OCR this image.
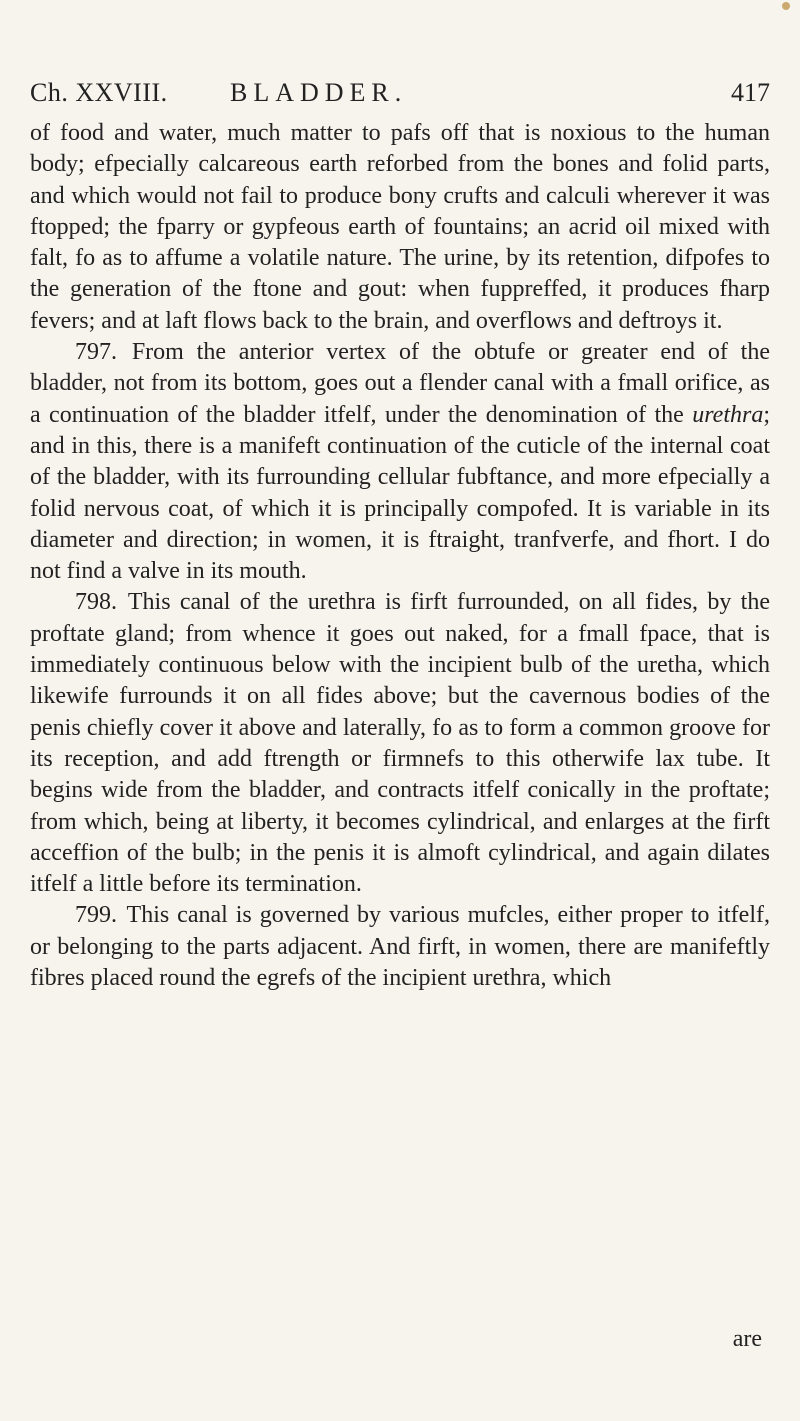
Ch. XXVIII. BLADDER.	417

of food and water, much matter to pafs off that is noxious to the human body; efpecially calcareous earth reforbed from the bones and folid parts, and which would not fail to produce bony crufts and calculi wherever it was ftopped; the fparry or gypfeous earth of fountains; an acrid oil mixed with falt, fo as to affume a volatile nature. The urine, by its retention, difpofes to the generation of the ftone and gout: when fuppreffed, it produces fharp fevers; and at laft flows back to the brain, and overflows and deftroys it.

797. From the anterior vertex of the obtufe or greater end of the bladder, not from its bottom, goes out a flender canal with a fmall orifice, as a continuation of the bladder itfelf, under the denomination of the urethra; and in this, there is a manifeft continuation of the cuticle of the internal coat of the bladder, with its furrounding cellular fubftance, and more efpecially a folid nervous coat, of which it is principally compofed. It is variable in its diameter and direction; in women, it is ftraight, tranfverfe, and fhort. I do not find a valve in its mouth.

798. This canal of the urethra is firft furrounded, on all fides, by the proftate gland; from whence it goes out naked, for a fmall fpace, that is immediately continuous below with the incipient bulb of the uretha, which likewife furrounds it on all fides above; but the cavernous bodies of the penis chiefly cover it above and laterally, fo as to form a common groove for its reception, and add ftrength or firmnefs to this otherwife lax tube. It begins wide from the bladder, and contracts itfelf conically in the proftate; from which, being at liberty, it becomes cylindrical, and enlarges at the firft acceffion of the bulb; in the penis it is almoft cylindrical, and again dilates itfelf a little before its termination.

799. This canal is governed by various mufcles, either proper to itfelf, or belonging to the parts adjacent. And firft, in women, there are manifeftly fibres placed round the egrefs of the incipient urethra, which

are
